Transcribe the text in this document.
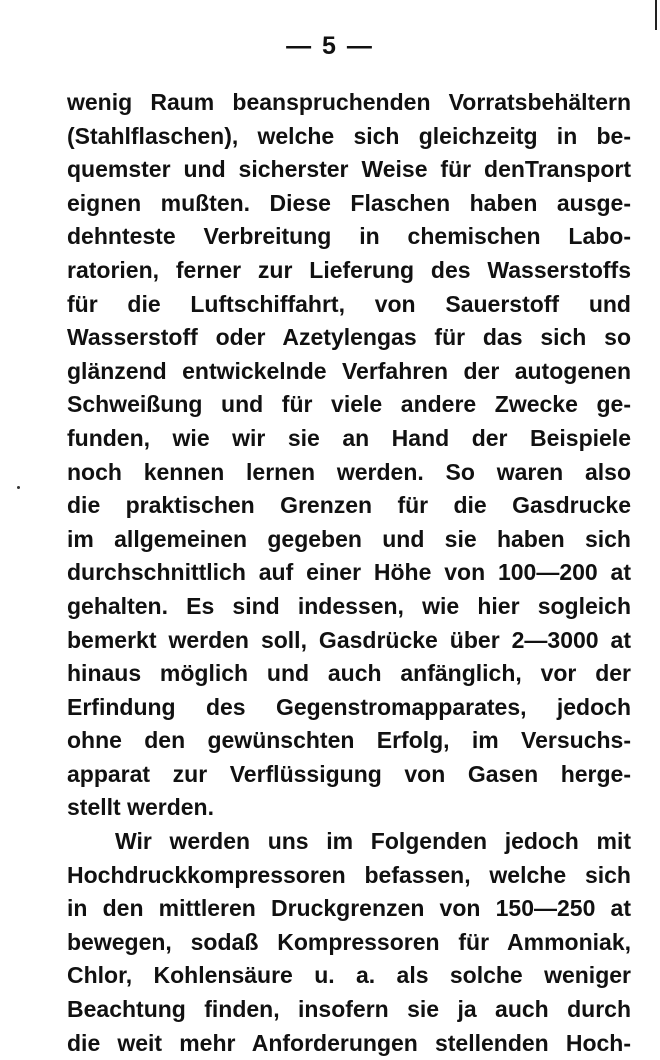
— 5 —
wenig Raum beanspruchenden Vorratsbehältern
(Stahlflaschen), welche sich gleichzeitg in be-
quemster und sicherster Weise für denTransport
eignen mußten. Diese Flaschen haben ausge-
dehnteste Verbreitung in chemischen Labo-
ratorien, ferner zur Lieferung des Wasserstoffs
für die Luftschiffahrt, von Sauerstoff und
Wasserstoff oder Azetylengas für das sich so
glänzend entwickelnde Verfahren der autogenen
Schweißung und für viele andere Zwecke ge-
funden, wie wir sie an Hand der Beispiele
noch kennen lernen werden. So waren also
die praktischen Grenzen für die Gasdrucke
im allgemeinen gegeben und sie haben sich
durchschnittlich auf einer Höhe von 100—200 at
gehalten. Es sind indessen, wie hier sogleich
bemerkt werden soll, Gasdrücke über 2—3000 at
hinaus möglich und auch anfänglich, vor der
Erfindung des Gegenstromapparates, jedoch
ohne den gewünschten Erfolg, im Versuchs-
apparat zur Verflüssigung von Gasen herge-
stellt werden.
Wir werden uns im Folgenden jedoch mit
Hochdruckkompressoren befassen, welche sich
in den mittleren Druckgrenzen von 150—250 at
bewegen, sodaß Kompressoren für Ammoniak,
Chlor, Kohlensäure u. a. als solche weniger
Beachtung finden, insofern sie ja auch durch
die weit mehr Anforderungen stellenden Hoch-
